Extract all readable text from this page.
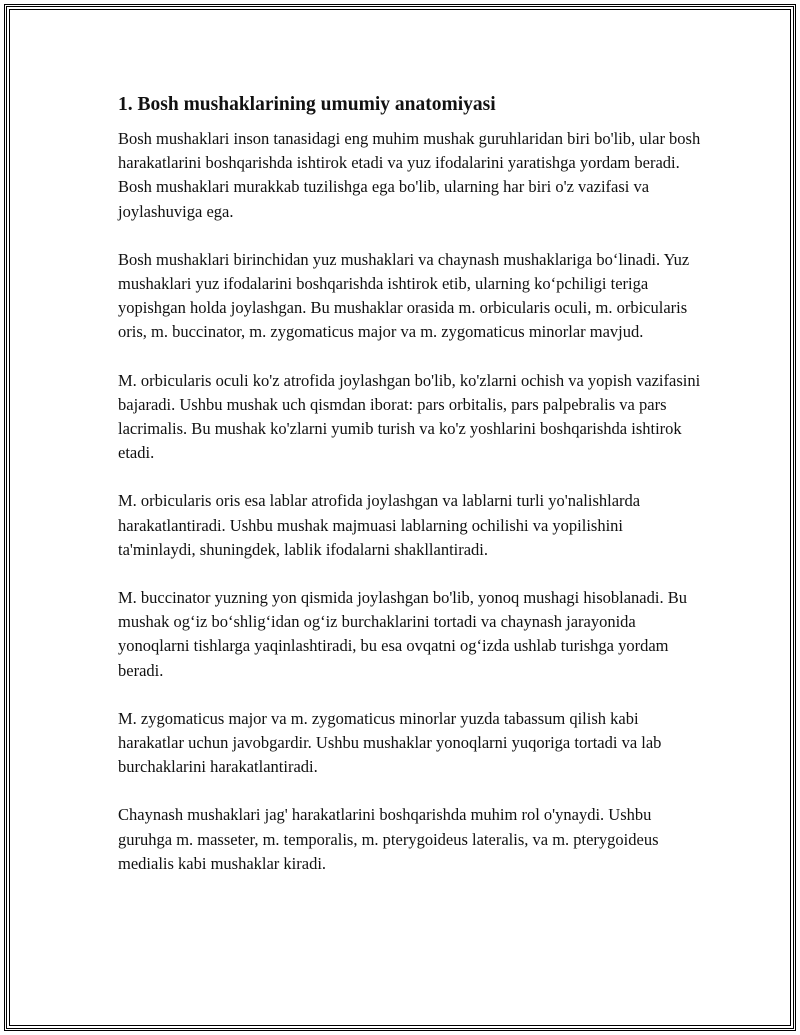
1. Bosh mushaklarining umumiy anatomiyasi

Bosh mushaklari inson tanasidagi eng muhim mushak guruhlaridan biri bo'lib, ular bosh harakatlarini boshqarishda ishtirok etadi va yuz ifodalarini yaratishga yordam beradi. Bosh mushaklari murakkab tuzilishga ega bo'lib, ularning har biri o'z vazifasi va joylashuviga ega.

Bosh mushaklari birinchidan yuz mushaklari va chaynash mushaklariga bo‘linadi. Yuz mushaklari yuz ifodalarini boshqarishda ishtirok etib, ularning ko‘pchiligi teriga yopishgan holda joylashgan. Bu mushaklar orasida m. orbicularis oculi, m. orbicularis oris, m. buccinator, m. zygomaticus major va m. zygomaticus minorlar mavjud.

M. orbicularis oculi ko'z atrofida joylashgan bo'lib, ko'zlarni ochish va yopish vazifasini bajaradi. Ushbu mushak uch qismdan iborat: pars orbitalis, pars palpebralis va pars lacrimalis. Bu mushak ko'zlarni yumib turish va ko'z yoshlarini boshqarishda ishtirok etadi.

M. orbicularis oris esa lablar atrofida joylashgan va lablarni turli yo'nalishlarda harakatlantiradi. Ushbu mushak majmuasi lablarning ochilishi va yopilishini ta'minlaydi, shuningdek, lablik ifodalarni shakllantiradi.

M. buccinator yuzning yon qismida joylashgan bo'lib, yonoq mushagi hisoblanadi. Bu mushak og‘iz bo‘shlig‘idan og‘iz burchaklarini tortadi va chaynash jarayonida yonoqlarni tishlarga yaqinlashtiradi, bu esa ovqatni og‘izda ushlab turishga yordam beradi.

M. zygomaticus major va m. zygomaticus minorlar yuzda tabassum qilish kabi harakatlar uchun javobgardir. Ushbu mushaklar yonoqlarni yuqoriga tortadi va lab burchaklarini harakatlantiradi.

Chaynash mushaklari jag' harakatlarini boshqarishda muhim rol o'ynaydi. Ushbu guruhga m. masseter, m. temporalis, m. pterygoideus lateralis, va m. pterygoideus medialis kabi mushaklar kiradi.
